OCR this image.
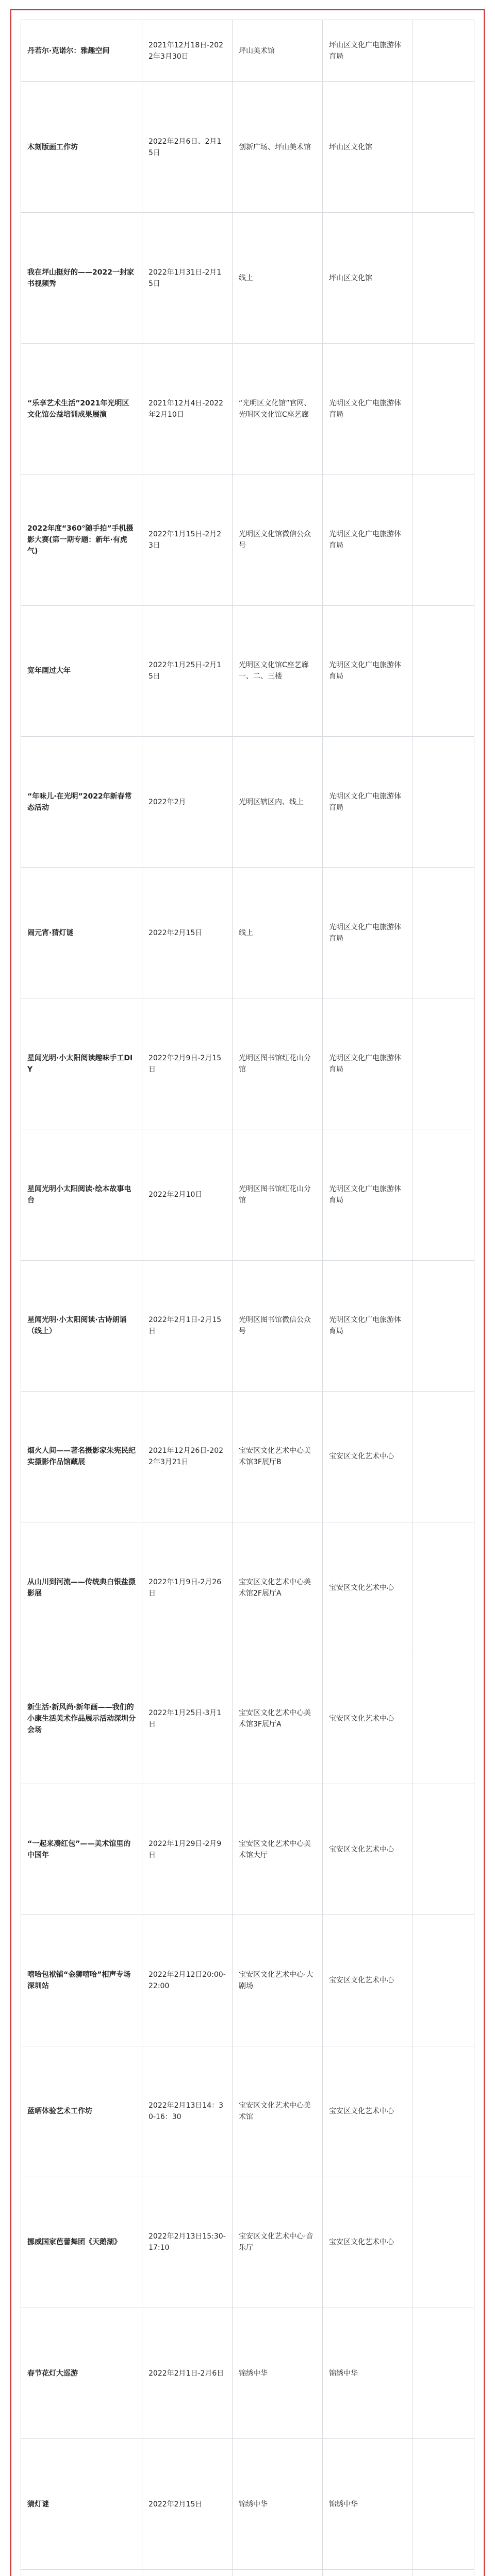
丹若尔·克诺尔：雅趣空间	2021年12月18日-2022年3月30日	坪山美术馆	坪山区文化广电旅游体育局	
木刻版画工作坊	2022年2月6日、2月15日	创新广场、坪山美术馆	坪山区文化馆	
我在坪山挺好的——2022一封家书视频秀	2022年1月31日-2月15日	线上	坪山区文化馆	
“乐享艺术生活”2021年光明区文化馆公益培训成果展演	2021年12月4日-2022年2月10日	“光明区文化馆”官网、光明区文化馆C座艺廊	光明区文化广电旅游体育局	
2022年度“360°随手拍”手机摄影大赛(第一期专题：新年·有虎气)	2022年1月15日-2月23日	光明区文化馆微信公众号	光明区文化广电旅游体育局	
宽年画过大年	2022年1月25日-2月15日	光明区文化馆C座艺廊一、二、三楼	光明区文化广电旅游体育局	
“年味儿·在光明”2022年新春常态活动	2022年2月	光明区辖区内、线上	光明区文化广电旅游体育局	
闹元宵·猜灯谜	2022年2月15日	线上	光明区文化广电旅游体育局	
星闻光明·小太阳阅读趣味手工DIY	2022年2月9日-2月15日	光明区图书馆红花山分馆	光明区文化广电旅游体育局	
星闻光明小太阳阅读·绘本故事电台	2022年2月10日	光明区图书馆红花山分馆	光明区文化广电旅游体育局	
星闻光明·小太阳阅读·古诗朗诵（线上）	2022年2月1日-2月15日	光明区图书馆微信公众号	光明区文化广电旅游体育局	
烟火人间——著名摄影家朱宪民纪实摄影作品馆藏展	2021年12月26日-2022年3月21日	宝安区文化艺术中心美术馆3F展厅B	宝安区文化艺术中心	
从山川到河流——传统典白银盐摄影展	2022年1月9日-2月26日	宝安区文化艺术中心美术馆2F展厅A	宝安区文化艺术中心	
新生活·新风尚·新年画——我们的小康生活美术作品展示活动深圳分会场	2022年1月25日-3月1日	宝安区文化艺术中心美术馆3F展厅A	宝安区文化艺术中心	
“一起来凑红包”——美术馆里的中国年	2022年1月29日-2月9日	宝安区文化艺术中心美术馆大厅	宝安区文化艺术中心	
嘻哈包袱铺“金狮嘻哈”相声专场 深圳站	2022年2月12日20:00-22:00	宝安区文化艺术中心·大剧场	宝安区文化艺术中心	
蓝晒体验艺术工作坊	2022年2月13日14：30-16：30	宝安区文化艺术中心美术馆	宝安区文化艺术中心	
挪威国家芭蕾舞团《天鹅湖》	2022年2月13日15:30-17:10	宝安区文化艺术中心·音乐厅	宝安区文化艺术中心	
春节花灯大巡游	2022年2月1日-2月6日	锦绣中华	锦绣中华	
猜灯谜	2022年2月15日	锦绣中华	锦绣中华	
